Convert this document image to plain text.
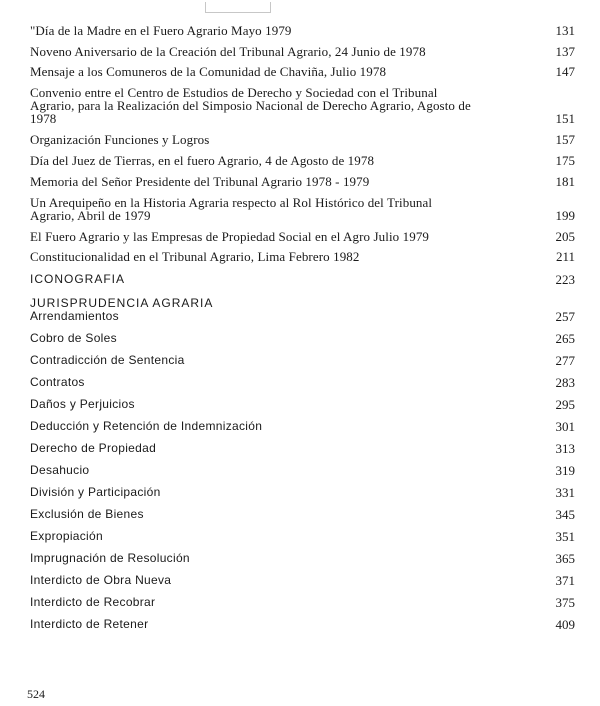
"Día de la Madre en el Fuero Agrario Mayo 1979	131
Noveno Aniversario de la Creación del Tribunal Agrario, 24 Junio de 1978	137
Mensaje a los Comuneros de la Comunidad de Chaviña, Julio 1978	147
Convenio entre el Centro de Estudios de Derecho y Sociedad con el Tribunal Agrario, para la Realización del Simposio Nacional de Derecho Agrario, Agosto de 1978	151
Organización Funciones y Logros	157
Día del Juez de Tierras, en el fuero Agrario, 4 de Agosto de 1978	175
Memoria del Señor Presidente del Tribunal Agrario 1978 - 1979	181
Un Arequipeño en la Historia Agraria respecto al Rol Histórico del Tribunal Agrario, Abril de 1979	199
El Fuero Agrario y las Empresas de Propiedad Social en el Agro Julio 1979	205
Constitucionalidad en el Tribunal Agrario, Lima Febrero 1982	211
ICONOGRAFIA	223
JURISPRUDENCIA AGRARIA
Arrendamientos	257
Cobro de Soles	265
Contradicción de Sentencia	277
Contratos	283
Daños y Perjuicios	295
Deducción y Retención de Indemnización	301
Derecho de Propiedad	313
Desahucio	319
División y Participación	331
Exclusión de Bienes	345
Expropiación	351
Imprugnación de Resolución	365
Interdicto de Obra Nueva	371
Interdicto de Recobrar	375
Interdicto de Retener	409
524
